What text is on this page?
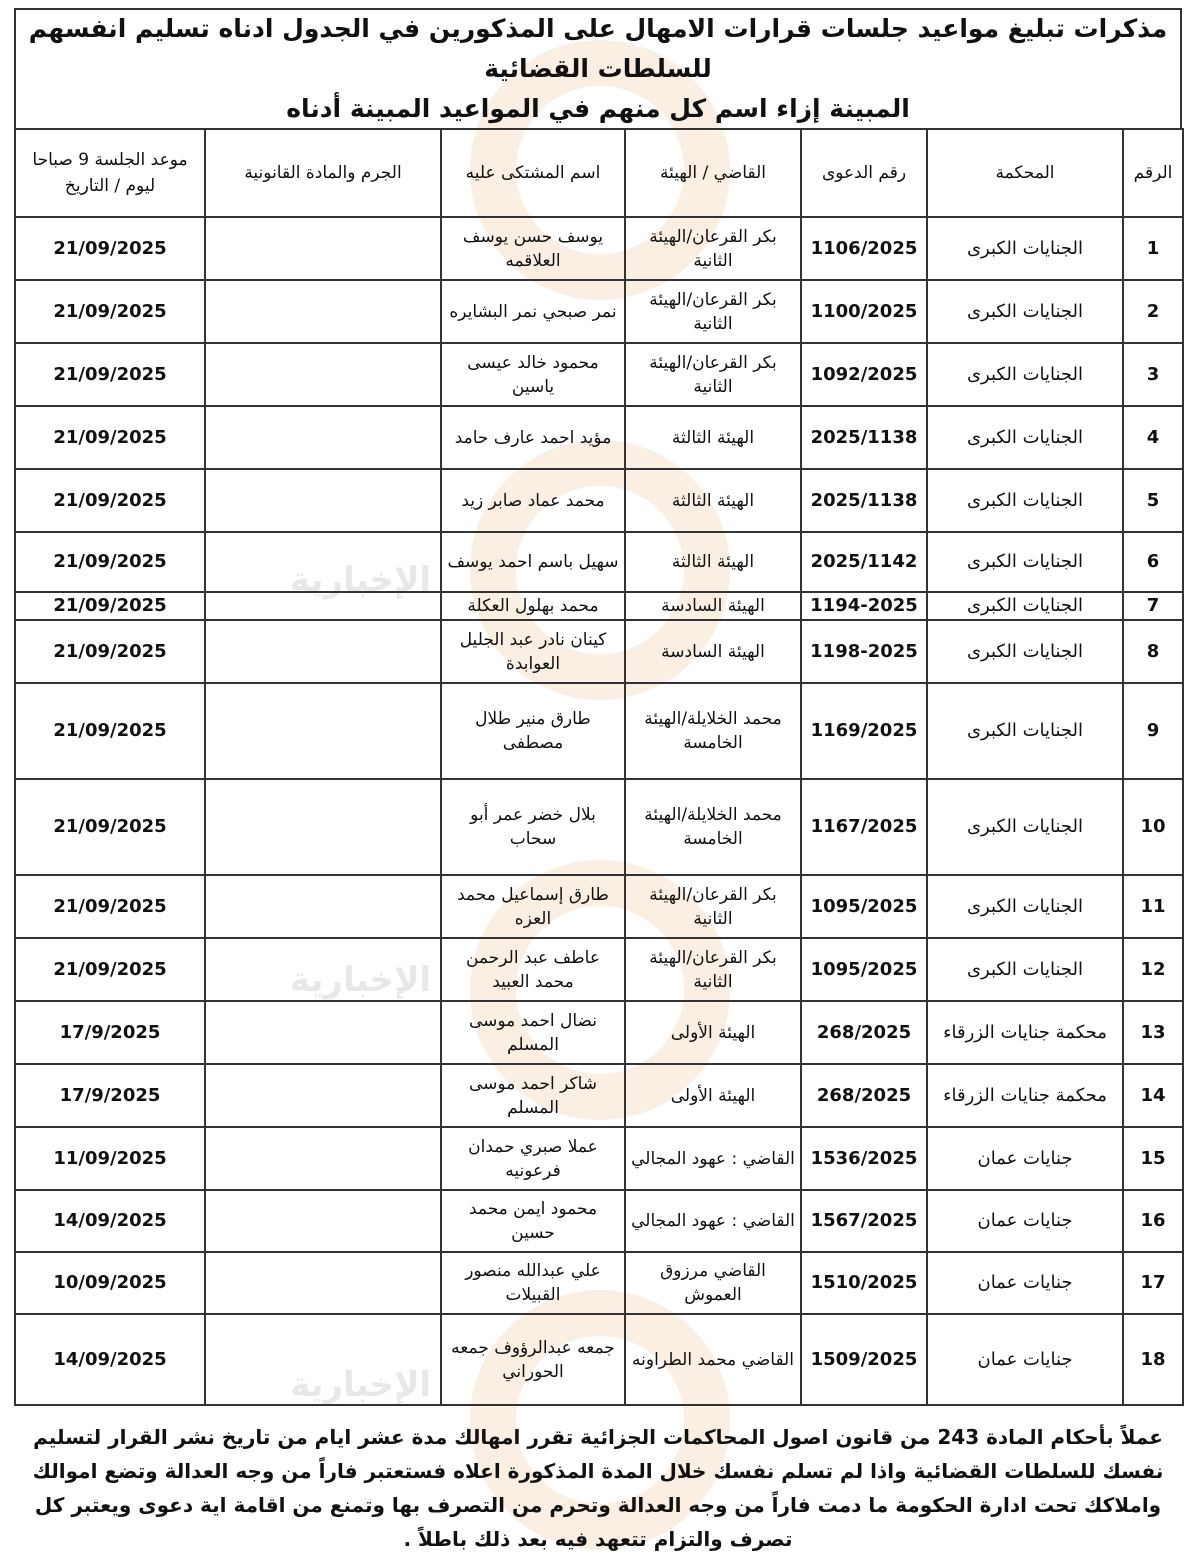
الإخبارية
الإخبارية
الإخبارية
مذكرات تبليغ مواعيد جلسات قرارات الامهال على المذكورين في الجدول ادناه تسليم انفسهم للسلطات القضائية
المبينة إزاء اسم كل منهم في المواعيد المبينة أدناه
الرقم	المحكمة	رقم الدعوى	القاضي / الهيئة	اسم المشتكى عليه	الجرم والمادة القانونية	موعد الجلسة 9 صباحا ليوم / التاريخ
1	الجنايات الكبرى	1106/2025	بكر القرعان/الهيئة الثانية	يوسف حسن يوسف العلاقمه		21/09/2025
2	الجنايات الكبرى	1100/2025	بكر القرعان/الهيئة الثانية	نمر صبحي نمر البشايره		21/09/2025
3	الجنايات الكبرى	1092/2025	بكر القرعان/الهيئة الثانية	محمود خالد عيسى ياسين		21/09/2025
4	الجنايات الكبرى	2025/1138	الهيئة الثالثة	مؤيد احمد عارف حامد		21/09/2025
5	الجنايات الكبرى	2025/1138	الهيئة الثالثة	محمد عماد صابر زيد		21/09/2025
6	الجنايات الكبرى	2025/1142	الهيئة الثالثة	سهيل باسم احمد يوسف		21/09/2025
7	الجنايات الكبرى	1194-2025	الهيئة السادسة	محمد بهلول العكلة		21/09/2025
8	الجنايات الكبرى	1198-2025	الهيئة السادسة	كينان نادر عبد الجليل العوابدة		21/09/2025
9	الجنايات الكبرى	1169/2025	محمد الخلايلة/الهيئة الخامسة	طارق منير طلال مصطفى		21/09/2025
10	الجنايات الكبرى	1167/2025	محمد الخلايلة/الهيئة الخامسة	بلال خضر عمر أبو سحاب		21/09/2025
11	الجنايات الكبرى	1095/2025	بكر القرعان/الهيئة الثانية	طارق إسماعيل محمد العزه		21/09/2025
12	الجنايات الكبرى	1095/2025	بكر القرعان/الهيئة الثانية	عاطف عبد الرحمن محمد العبيد		21/09/2025
13	محكمة جنايات الزرقاء	268/2025	الهيئة الأولى	نضال احمد موسى المسلم		17/9/2025
14	محكمة جنايات الزرقاء	268/2025	الهيئة الأولى	شاكر احمد موسى المسلم		17/9/2025
15	جنايات عمان	1536/2025	القاضي : عهود المجالي	عملا صبري حمدان فرعونيه		11/09/2025
16	جنايات عمان	1567/2025	القاضي : عهود المجالي	محمود ايمن محمد حسين		14/09/2025
17	جنايات عمان	1510/2025	القاضي مرزوق العموش	علي عبدالله منصور القبيلات		10/09/2025
18	جنايات عمان	1509/2025	القاضي محمد الطراونه	جمعه عبدالرؤوف جمعه الحوراني		14/09/2025
عملاً بأحكام المادة 243 من قانون اصول المحاكمات الجزائية تقرر امهالك مدة عشر ايام من تاريخ نشر القرار لتسليم نفسك للسلطات القضائية واذا لم تسلم نفسك خلال المدة المذكورة اعلاه فستعتبر فاراً من وجه العدالة وتضع اموالك واملاكك تحت ادارة الحكومة ما دمت فاراً من وجه العدالة وتحرم من التصرف بها وتمنع من اقامة اية دعوى ويعتبر كل تصرف والتزام تتعهد فيه بعد ذلك باطلاً .
